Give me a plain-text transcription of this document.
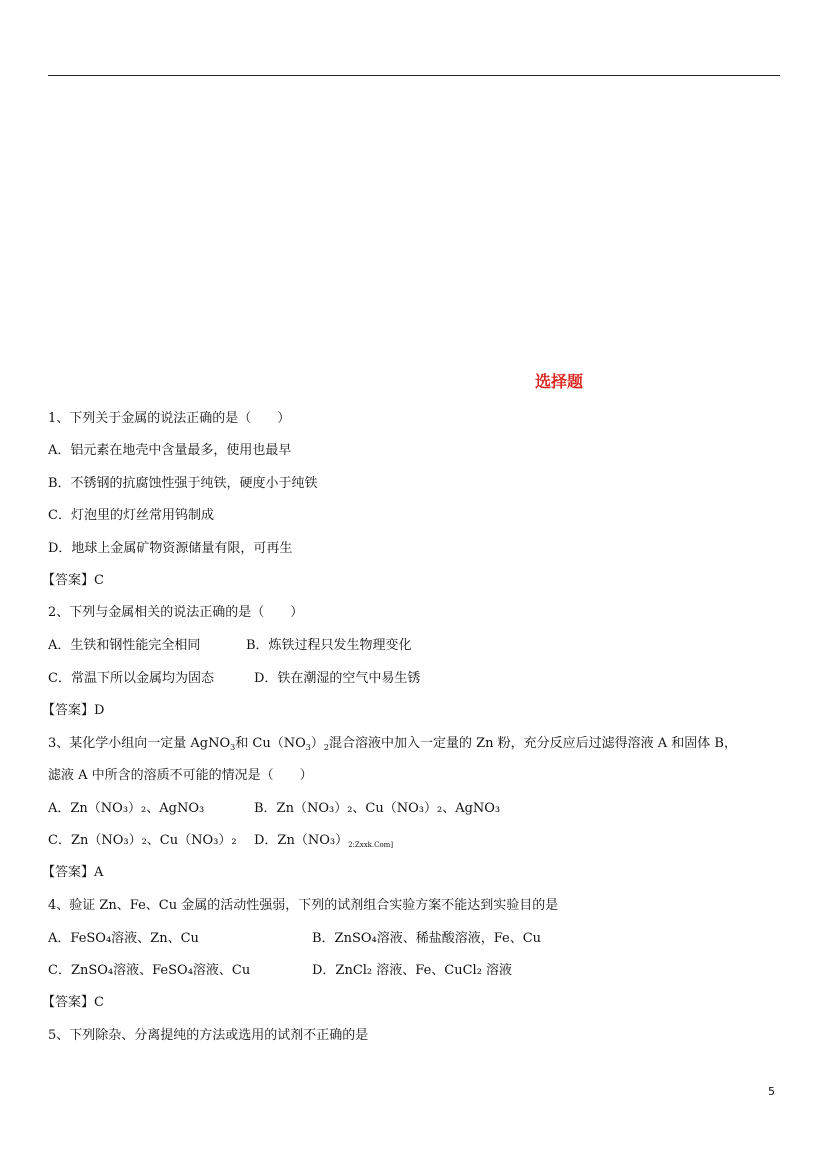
选择题
1、下列关于金属的说法正确的是（　　）
A．铝元素在地壳中含量最多，使用也最早
B．不锈钢的抗腐蚀性强于纯铁，硬度小于纯铁
C．灯泡里的灯丝常用钨制成
D．地球上金属矿物资源储量有限，可再生
【答案】C
2、下列与金属相关的说法正确的是（　　）
A．生铁和钢性能完全相同	B．炼铁过程只发生物理变化
C．常温下所以金属均为固态	D．铁在潮湿的空气中易生锈
【答案】D
3、某化学小组向一定量 AgNO$_3$和 $Cu(NO_3)_2$混合溶液中加入一定量的 Zn 粉，充分反应后过滤得溶液 A 和固体 B，
滤液 A 中所含的溶质不可能的情况是（　　）
A．Zn（NO₃）₂、AgNO₃	B．Zn（NO₃）₂、Cu（NO₃）₂、AgNO₃
C．Zn（NO₃）₂、Cu（NO₃）₂ D．$Zn(NO_3)_{2:Zxxk.Com]}$
【答案】A
4、验证 Zn、Fe、Cu 金属的活动性强弱，下列的试剂组合实验方案不能达到实验目的是
A．FeSO₄溶液、Zn、Cu	B．ZnSO₄溶液、稀盐酸溶液，Fe、Cu
C．ZnSO₄溶液、FeSO₄溶液、Cu	D．ZnCl₂ 溶液、Fe、CuCl₂ 溶液
【答案】C
5、下列除杂、分离提纯的方法或选用的试剂不正确的是
5
